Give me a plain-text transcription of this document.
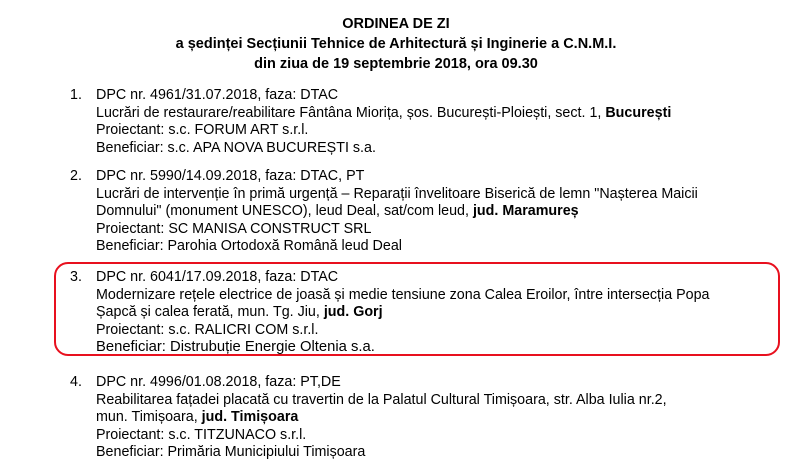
ORDINEA DE ZI
a ședinței Secțiunii Tehnice de Arhitectură și Inginerie a C.N.M.I.
din ziua de 19 septembrie 2018, ora 09.30
1. DPC nr. 4961/31.07.2018, faza: DTAC
Lucrări de restaurare/reabilitare Fântâna Miorița, șos. București-Ploiești, sect. 1, București
Proiectant: s.c. FORUM ART s.r.l.
Beneficiar: s.c. APA NOVA BUCUREȘTI s.a.
2. DPC nr. 5990/14.09.2018, faza: DTAC, PT
Lucrări de intervenție în primă urgență – Reparații învelitoare Biserică de lemn "Nașterea Maicii
Domnului" (monument UNESCO), leud Deal, sat/com leud, jud. Maramureș
Proiectant: SC MANISA CONSTRUCT SRL
Beneficiar: Parohia Ortodoxă Română leud Deal
3. DPC nr. 6041/17.09.2018, faza: DTAC
Modernizare rețele electrice de joasă și medie tensiune zona Calea Eroilor, între intersecția Popa
Șapcă și calea ferată, mun. Tg. Jiu, jud. Gorj
Proiectant: s.c. RALICRI COM s.r.l.
Beneficiar: Distrubuție Energie Oltenia s.a.
4. DPC nr. 4996/01.08.2018, faza: PT,DE
Reabilitarea fațadei placată cu travertin de la Palatul Cultural Timișoara, str. Alba Iulia nr.2,
mun. Timișoara, jud. Timișoara
Proiectant: s.c. TITZUNACO s.r.l.
Beneficiar: Primăria Municipiului Timișoara
